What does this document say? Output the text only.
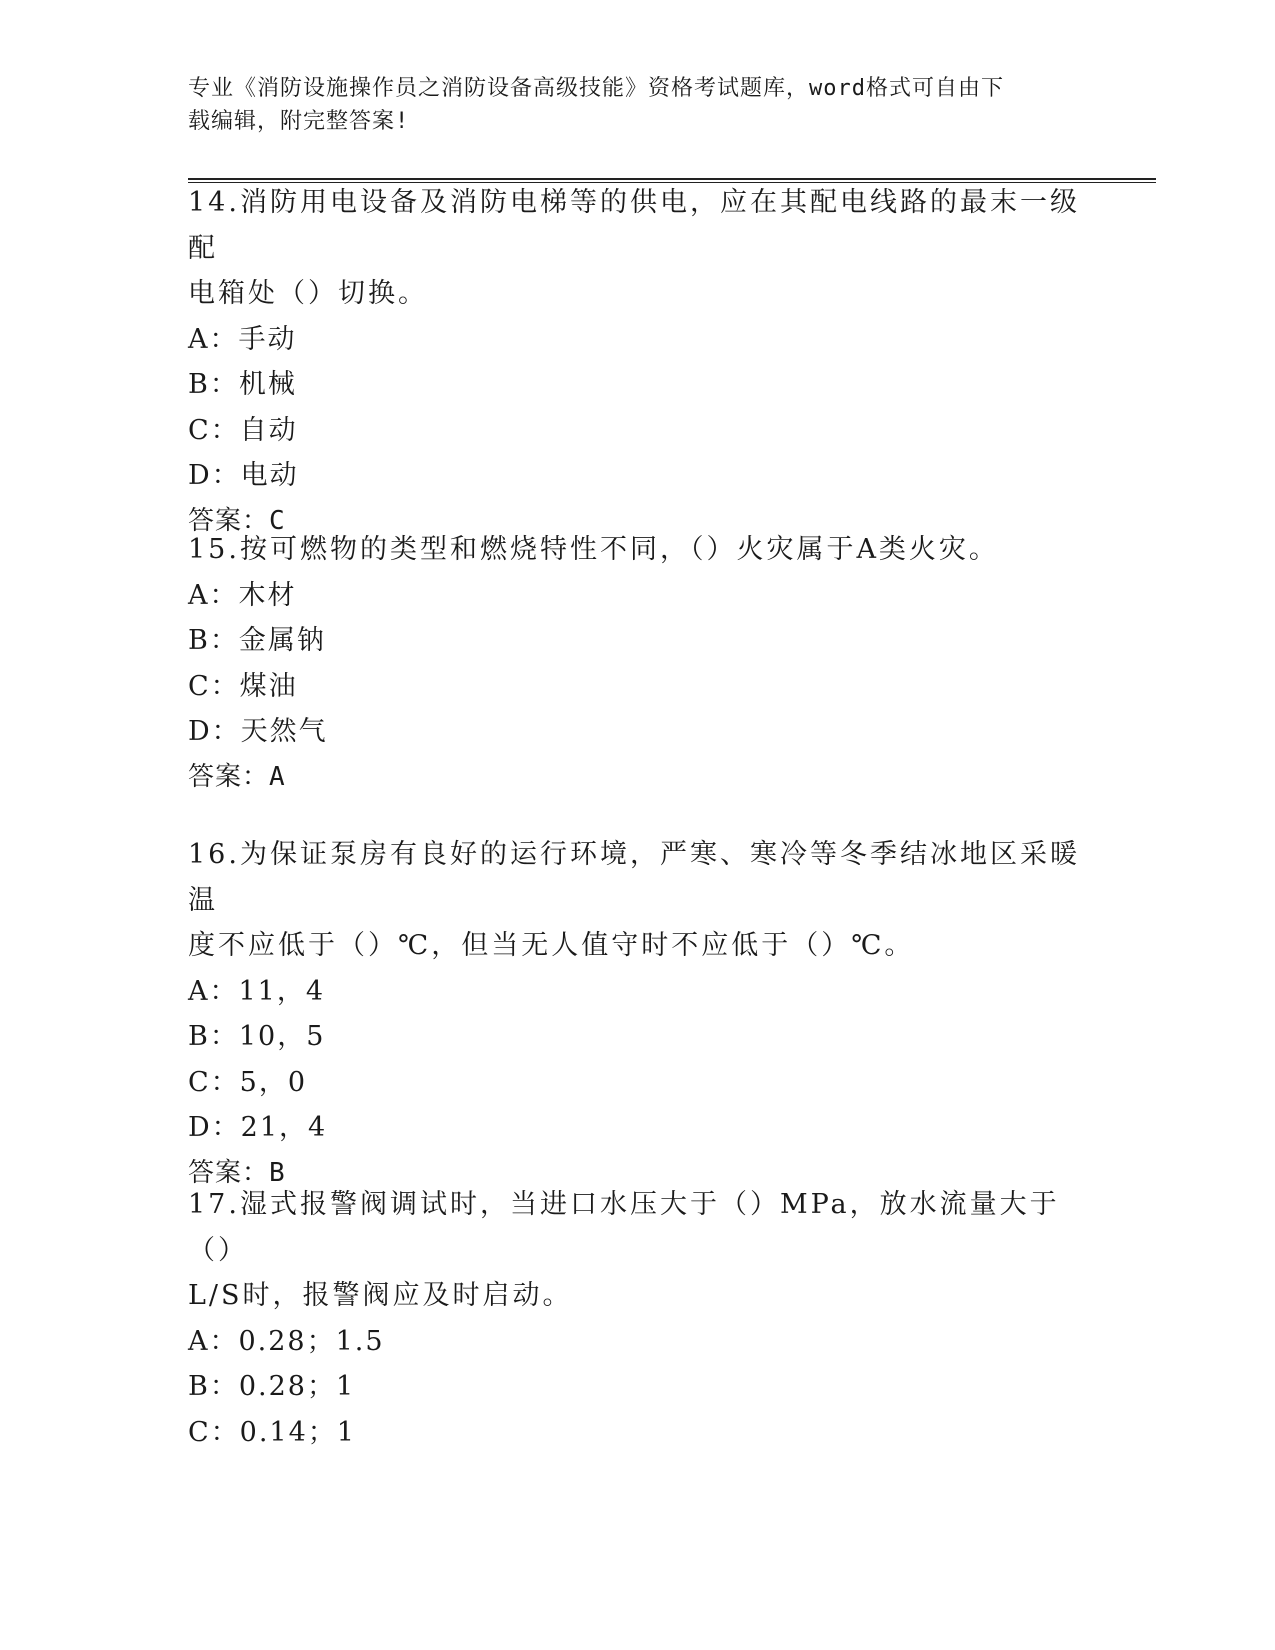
专业《消防设施操作员之消防设备高级技能》资格考试题库，word格式可自由下
载编辑，附完整答案!
14.消防用电设备及消防电梯等的供电，应在其配电线路的最末一级配
电箱处（）切换。
A：手动
B：机械
C：自动
D：电动
答案：C
15.按可燃物的类型和燃烧特性不同，（）火灾属于A类火灾。
A：木材
B：金属钠
C：煤油
D：天然气
答案：A
16.为保证泵房有良好的运行环境，严寒、寒冷等冬季结冰地区采暖温
度不应低于（）℃，但当无人值守时不应低于（）℃。
A：11，4
B：10，5
C：5，0
D：21，4
答案：B
17.湿式报警阀调试时，当进口水压大于（）MPa，放水流量大于（）
L/S时，报警阀应及时启动。
A：0.28；1.5
B：0.28；1
C：0.14；1
